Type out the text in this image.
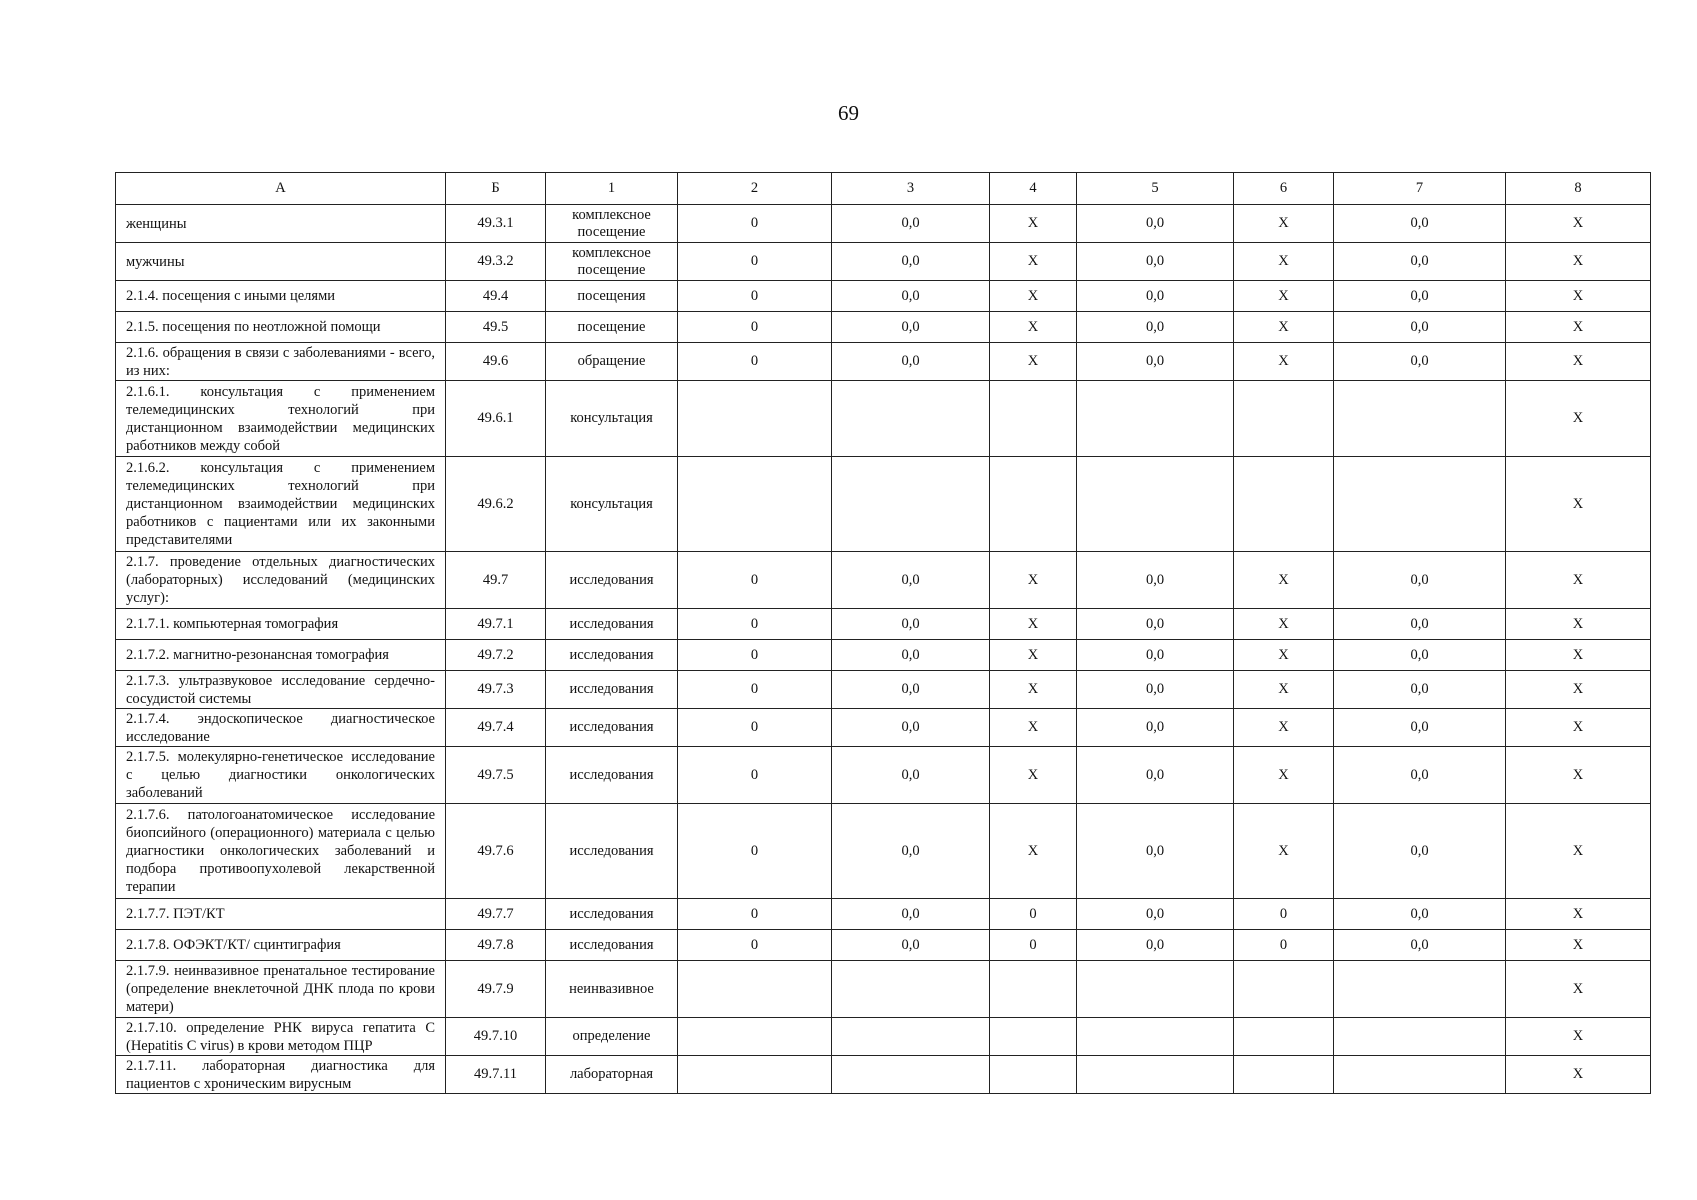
69
А	Б	1	2	3	4	5	6	7	8
женщины	49.3.1	комплексное посещение	0	0,0	X	0,0	X	0,0	X
мужчины	49.3.2	комплексное посещение	0	0,0	X	0,0	X	0,0	X
2.1.4. посещения с иными целями	49.4	посещения	0	0,0	X	0,0	X	0,0	X
2.1.5. посещения по неотложной помощи	49.5	посещение	0	0,0	X	0,0	X	0,0	X
2.1.6. обращения в связи с заболеваниями - всего, из них:	49.6	обращение	0	0,0	X	0,0	X	0,0	X
2.1.6.1. консультация с применением телемедицинских технологий при дистанционном взаимодействии медицинских работников между собой	49.6.1	консультация							X
2.1.6.2. консультация с применением телемедицинских технологий при дистанционном взаимодействии медицинских работников с пациентами или их законными представителями	49.6.2	консультация							X
2.1.7. проведение отдельных диагностических (лабораторных) исследований (медицинских услуг):	49.7	исследования	0	0,0	X	0,0	X	0,0	X
2.1.7.1. компьютерная томография	49.7.1	исследования	0	0,0	X	0,0	X	0,0	X
2.1.7.2. магнитно-резонансная томография	49.7.2	исследования	0	0,0	X	0,0	X	0,0	X
2.1.7.3. ультразвуковое исследование сердечно-сосудистой системы	49.7.3	исследования	0	0,0	X	0,0	X	0,0	X
2.1.7.4. эндоскопическое диагностическое исследование	49.7.4	исследования	0	0,0	X	0,0	X	0,0	X
2.1.7.5. молекулярно-генетическое исследование с целью диагностики онкологических заболеваний	49.7.5	исследования	0	0,0	X	0,0	X	0,0	X
2.1.7.6. патологоанатомическое исследование биопсийного (операционного) материала с целью диагностики онкологических заболеваний и подбора противоопухолевой лекарственной терапии	49.7.6	исследования	0	0,0	X	0,0	X	0,0	X
2.1.7.7. ПЭТ/КТ	49.7.7	исследования	0	0,0	0	0,0	0	0,0	X
2.1.7.8. ОФЭКТ/КТ/ сцинтиграфия	49.7.8	исследования	0	0,0	0	0,0	0	0,0	X
2.1.7.9. неинвазивное пренатальное тестирование (определение внеклеточной ДНК плода по крови матери)	49.7.9	неинвазивное							X
2.1.7.10. определение РНК вируса гепатита С (Hepatitis C virus) в крови методом ПЦР	49.7.10	определение							X
2.1.7.11. лабораторная диагностика для пациентов с хроническим вирусным	49.7.11	лабораторная							X
